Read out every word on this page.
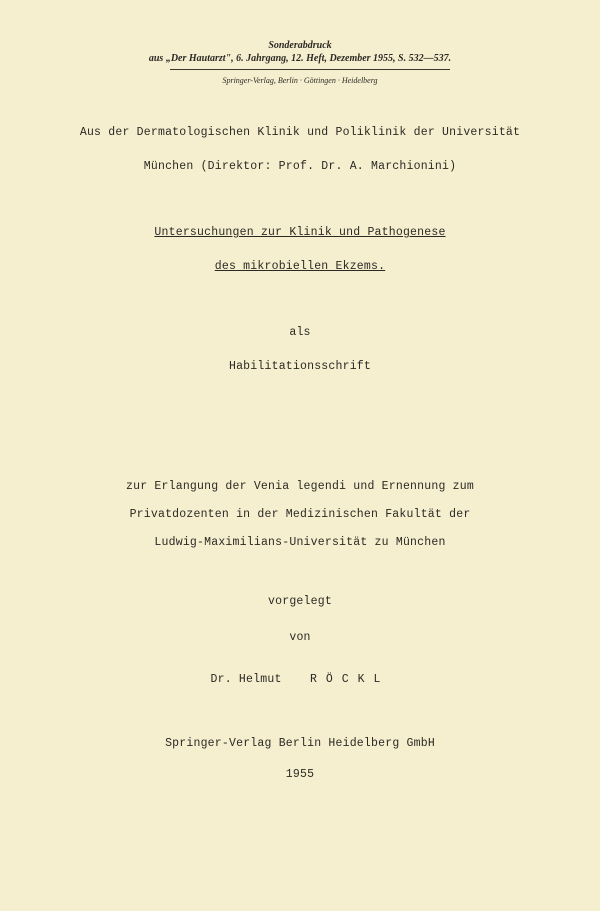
Sonderabdruck
aus „Der Hautarzt", 6. Jahrgang, 12. Heft, Dezember 1955, S. 532—537.
Springer-Verlag, Berlin · Göttingen · Heidelberg
Aus der Dermatologischen Klinik und Poliklinik der Universität
München (Direktor: Prof. Dr. A. Marchionini)
Untersuchungen zur Klinik und Pathogenese
des mikrobiellen Ekzems.
als
Habilitationsschrift
zur Erlangung der Venia legendi und Ernennung zum
Privatdozenten in der Medizinischen Fakultät der
Ludwig-Maximilians-Universität zu München
vorgelegt
von
Dr. Helmut RÖCKL
Springer-Verlag Berlin Heidelberg GmbH
1955
